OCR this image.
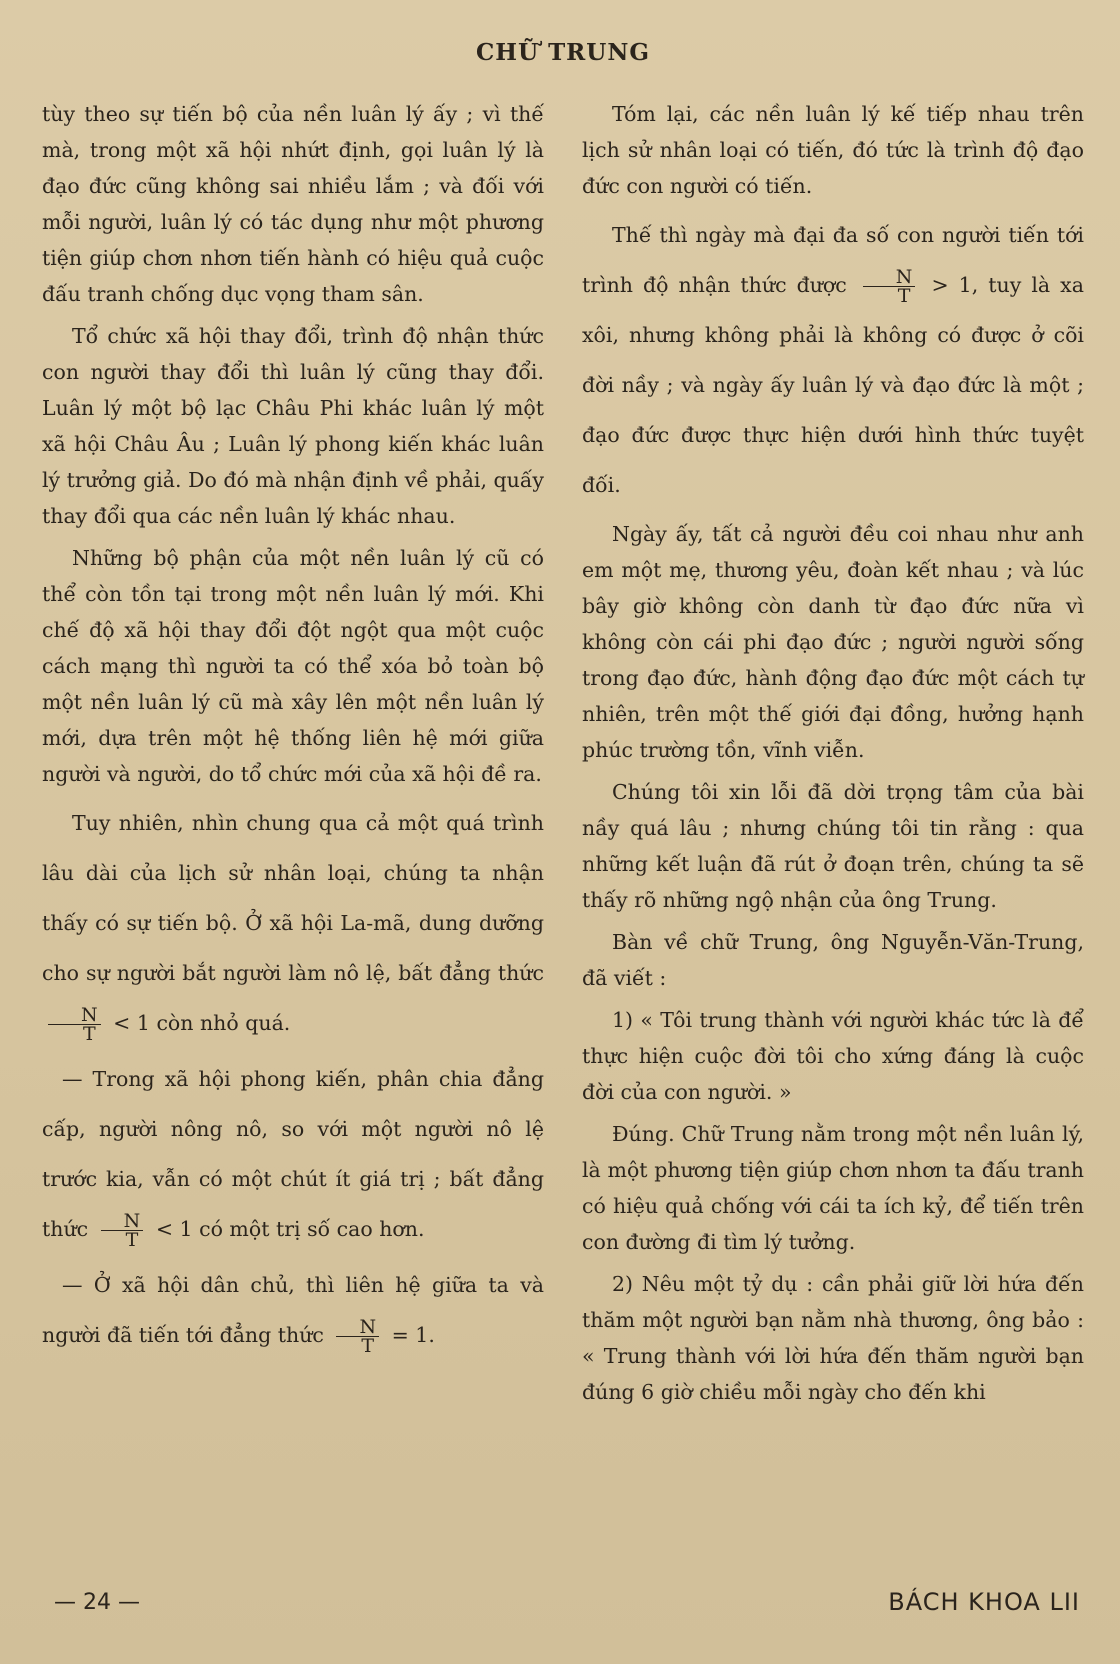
CHỮ TRUNG

tùy theo sự tiến bộ của nền luân lý ấy ; vì thế mà, trong một xã hội nhứt định, gọi luân lý là đạo đức cũng không sai nhiều lắm ; và đối với mỗi người, luân lý có tác dụng như một phương tiện giúp chơn nhơn tiến hành có hiệu quả cuộc đấu tranh chống dục vọng tham sân.

Tổ chức xã hội thay đổi, trình độ nhận thức con người thay đổi thì luân lý cũng thay đổi. Luân lý một bộ lạc Châu Phi khác luân lý một xã hội Châu Âu ; Luân lý phong kiến khác luân lý trưởng giả. Do đó mà nhận định về phải, quấy thay đổi qua các nền luân lý khác nhau.

Những bộ phận của một nền luân lý cũ có thể còn tồn tại trong một nền luân lý mới. Khi chế độ xã hội thay đổi đột ngột qua một cuộc cách mạng thì người ta có thể xóa bỏ toàn bộ một nền luân lý cũ mà xây lên một nền luân lý mới, dựa trên một hệ thống liên hệ mới giữa người và người, do tổ chức mới của xã hội đề ra.

Tuy nhiên, nhìn chung qua cả một quá trình lâu dài của lịch sử nhân loại, chúng ta nhận thấy có sự tiến bộ. Ở xã hội La-mã, dung dưỡng cho sự người bắt người làm nô lệ, bất đẳng thức
$\frac{N}{T} < 1$ còn nhỏ quá.

— Trong xã hội phong kiến, phân chia đẳng cấp, người nông nô, so với một người nô lệ trước kia, vẫn có một chút ít giá trị ; bất đẳng thức $\frac{N}{T} < 1$ có một trị số cao hơn.

— Ở xã hội dân chủ, thì liên hệ giữa ta và người đã tiến tới đẳng thức $\frac{N}{T} = 1$.

Tóm lại, các nền luân lý kế tiếp nhau trên lịch sử nhân loại có tiến, đó tức là trình độ đạo đức con người có tiến.

Thế thì ngày mà đại đa số con người tiến tới trình độ nhận thức được $\frac{N}{T} > 1$, tuy là xa xôi, nhưng không phải là không có được ở cõi đời nầy ; và ngày ấy luân lý và đạo đức là một ; đạo đức được thực hiện dưới hình thức tuyệt đối.

Ngày ấy, tất cả người đều coi nhau như anh em một mẹ, thương yêu, đoàn kết nhau ; và lúc bây giờ không còn danh từ đạo đức nữa vì không còn cái phi đạo đức ; người người sống trong đạo đức, hành động đạo đức một cách tự nhiên, trên một thế giới đại đồng, hưởng hạnh phúc trường tồn, vĩnh viễn.

Chúng tôi xin lỗi đã dời trọng tâm của bài nầy quá lâu ; nhưng chúng tôi tin rằng : qua những kết luận đã rút ở đoạn trên, chúng ta sẽ thấy rõ những ngộ nhận của ông Trung.

Bàn về chữ Trung, ông Nguyễn-Văn-Trung, đã viết :

1) « Tôi trung thành với người khác tức là để thực hiện cuộc đời tôi cho xứng đáng là cuộc đời của con người. »

Đúng. Chữ Trung nằm trong một nền luân lý, là một phương tiện giúp chơn nhơn ta đấu tranh có hiệu quả chống với cái ta ích kỷ, để tiến trên con đường đi tìm lý tưởng.

2) Nêu một tỷ dụ : cần phải giữ lời hứa đến thăm một người bạn nằm nhà thương, ông bảo : « Trung thành với lời hứa đến thăm người bạn đúng 6 giờ chiều mỗi ngày cho đến khi

— 24 —	BÁCH KHOA LII
